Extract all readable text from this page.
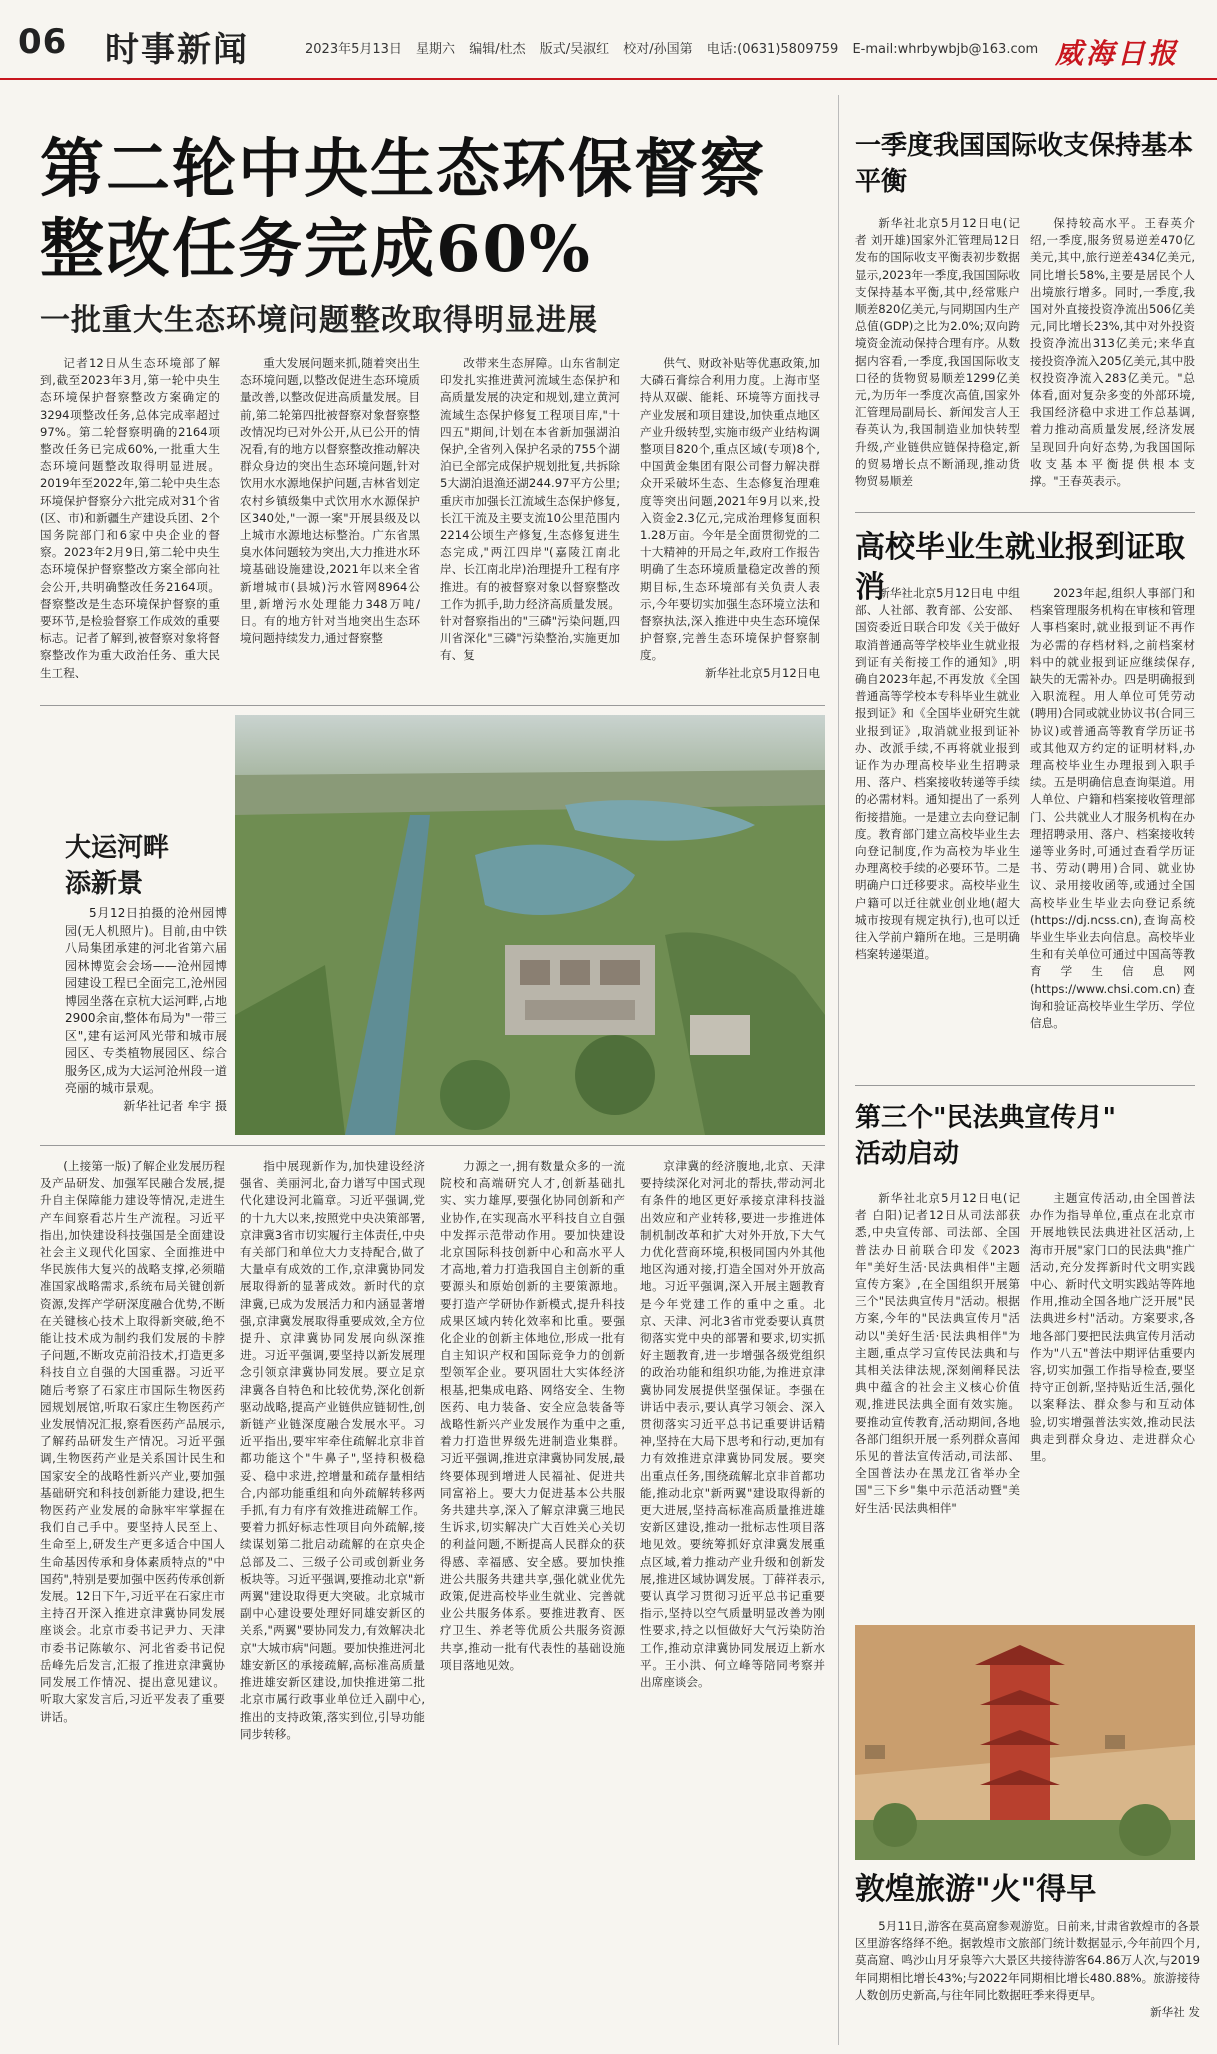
06 时事新闻	2023年5月13日 星期六 编辑/杜杰 版式/吴淑红 校对/孙国第 电话:(0631)5809759 E-mail:whrbywbjb@163.com 威海日报
第二轮中央生态环保督察整改任务完成60%
一批重大生态环境问题整改取得明显进展

记者12日从生态环境部了解到,截至2023年3月,第一轮中央生态环境保护督察整改方案确定的3294项整改任务,总体完成率超过97%。第二轮督察明确的2164项整改任务已完成60%,一批重大生态环境问题整改取得明显进展。2019年至2022年,第二轮中央生态环境保护督察分六批完成对31个省(区、市)和新疆生产建设兵团、2个国务院部门和6家中央企业的督察。2023年2月9日,第二轮中央生态环境保护督察整改方案全部向社会公开,共明确整改任务2164项。督察整改是生态环境保护督察的重要环节,是检验督察工作成效的重要标志。记者了解到,被督察对象将督察整改作为重大政治任务、重大民生工程、

重大发展问题来抓,随着突出生态环境问题,以整改促进生态环境质量改善,以整改促进高质量发展。目前,第二轮第四批被督察对象督察整改情况均已对外公开,从已公开的情况看,有的地方以督察整改推动解决群众身边的突出生态环境问题,针对饮用水水源地保护问题,吉林省划定农村乡镇级集中式饮用水水源保护区340处,"一源一案"开展县级及以上城市水源地达标整治。广东省黑臭水体问题较为突出,大力推进水环境基础设施建设,2021年以来全省新增城市(县城)污水管网8964公里,新增污水处理能力348万吨/日。有的地方针对当地突出生态环境问题持续发力,通过督察整

改带来生态屏障。山东省制定印发扎实推进黄河流域生态保护和高质量发展的决定和规划,建立黄河流域生态保护修复工程项目库,"十四五"期间,计划在本省新加强湖泊保护,全省列入保护名录的755个湖泊已全部完成保护规划批复,共拆除5大湖泊退渔还湖244.97平方公里;重庆市加强长江流域生态保护修复,长江干流及主要支流10公里范围内2214公顷生产修复,生态修复进生态完成,"两江四岸"(嘉陵江南北岸、长江南北岸)治理提升工程有序推进。有的被督察对象以督察整改工作为抓手,助力经济高质量发展。针对督察指出的"三磷"污染问题,四川省深化"三磷"污染整治,实施更加有、复

供气、财政补贴等优惠政策,加大磷石膏综合利用力度。上海市坚持从双碳、能耗、环境等方面找寻产业发展和项目建设,加快重点地区产业升级转型,实施市级产业结构调整项目820个,重点区域(专项)8个,中国黄金集团有限公司督力解决群众开采破坏生态、生态修复治理难度等突出问题,2021年9月以来,投入资金2.3亿元,完成治理修复面积1.28万亩。今年是全面贯彻党的二十大精神的开局之年,政府工作报告明确了生态环境质量稳定改善的预期目标,生态环境部有关负责人表示,今年要切实加强生态环境立法和督察执法,深入推进中央生态环境保护督察,完善生态环境保护督察制度。

新华社北京5月12日电

一季度我国国际收支保持基本平衡

新华社北京5月12日电(记者 刘开雄)国家外汇管理局12日发布的国际收支平衡表初步数据显示,2023年一季度,我国国际收支保持基本平衡,其中,经常账户顺差820亿美元,与同期国内生产总值(GDP)之比为2.0%;双向跨境资金流动保持合理有序。从数据内容看,一季度,我国国际收支口径的货物贸易顺差1299亿美元,为历年一季度次高值,国家外汇管理局副局长、新闻发言人王春英认为,我国制造业加快转型升级,产业链供应链保持稳定,新的贸易增长点不断涌现,推动货物贸易顺差

保持较高水平。王春英介绍,一季度,服务贸易逆差470亿美元,其中,旅行逆差434亿美元,同比增长58%,主要是居民个人出境旅行增多。同时,一季度,我国对外直接投资净流出506亿美元,同比增长23%,其中对外投资投资净流出313亿美元;来华直接投资净流入205亿美元,其中股权投资净流入283亿美元。"总体看,面对复杂多变的外部环境,我国经济稳中求进工作总基调,着力推动高质量发展,经济发展呈现回升向好态势,为我国国际收支基本平衡提供根本支撑。"王春英表示。

高校毕业生就业报到证取消

新华社北京5月12日电 中组部、人社部、教育部、公安部、国资委近日联合印发《关于做好取消普通高等学校毕业生就业报到证有关衔接工作的通知》,明确自2023年起,不再发放《全国普通高等学校本专科毕业生就业报到证》和《全国毕业研究生就业报到证》,取消就业报到证补办、改派手续,不再将就业报到证作为办理高校毕业生招聘录用、落户、档案接收转递等手续的必需材料。通知提出了一系列衔接措施。一是建立去向登记制度。教育部门建立高校毕业生去向登记制度,作为高校为毕业生办理离校手续的必要环节。二是明确户口迁移要求。高校毕业生户籍可以迁往就业创业地(超大城市按现有规定执行),也可以迁往入学前户籍所在地。三是明确档案转递渠道。

2023年起,组织人事部门和档案管理服务机构在审核和管理人事档案时,就业报到证不再作为必需的存档材料,之前档案材料中的就业报到证应继续保存,缺失的无需补办。四是明确报到入职流程。用人单位可凭劳动(聘用)合同或就业协议书(合同三协议)或普通高等教育学历证书或其他双方约定的证明材料,办理高校毕业生办理报到入职手续。五是明确信息查询渠道。用人单位、户籍和档案接收管理部门、公共就业人才服务机构在办理招聘录用、落户、档案接收转递等业务时,可通过查看学历证书、劳动(聘用)合同、就业协议、录用接收函等,或通过全国高校毕业生毕业去向登记系统(https://dj.ncss.cn),查询高校毕业生毕业去向信息。高校毕业生和有关单位可通过中国高等教育学生信息网(https://www.chsi.com.cn)查询和验证高校毕业生学历、学位信息。

大运河畔
添新景

5月12日拍摄的沧州园博园(无人机照片)。目前,由中铁八局集团承建的河北省第六届园林博览会会场——沧州园博园建设工程已全面完工,沧州园博园坐落在京杭大运河畔,占地2900余亩,整体布局为"一带三区",建有运河风光带和城市展园区、专类植物展园区、综合服务区,成为大运河沧州段一道亮丽的城市景观。

新华社记者 牟宇 摄

(上接第一版)了解企业发展历程及产品研发、加强军民融合发展,提升自主保障能力建设等情况,走进生产车间察看芯片生产流程。习近平指出,加快建设科技强国是全面建设社会主义现代化国家、全面推进中华民族伟大复兴的战略支撑,必须瞄准国家战略需求,系统布局关键创新资源,发挥产学研深度融合优势,不断在关键核心技术上取得新突破,绝不能让技术成为制约我们发展的卡脖子问题,不断攻克前沿技术,打造更多科技自立自强的大国重器。习近平随后考察了石家庄市国际生物医药园规划展馆,听取石家庄生物医药产业发展情况汇报,察看医药产品展示,了解药品研发生产情况。习近平强调,生物医药产业是关系国计民生和国家安全的战略性新兴产业,要加强基础研究和科技创新能力建设,把生物医药产业发展的命脉牢牢掌握在我们自己手中。要坚持人民至上、生命至上,研发生产更多适合中国人生命基因传承和身体素质特点的"中国药",特别是要加强中医药传承创新发展。12日下午,习近平在石家庄市主持召开深入推进京津冀协同发展座谈会。北京市委书记尹力、天津市委书记陈敏尔、河北省委书记倪岳峰先后发言,汇报了推进京津冀协同发展工作情况、提出意见建议。听取大家发言后,习近平发表了重要讲话。

指中展现新作为,加快建设经济强省、美丽河北,奋力谱写中国式现代化建设河北篇章。习近平强调,党的十九大以来,按照党中央决策部署,京津冀3省市切实履行主体责任,中央有关部门和单位大力支持配合,做了大量卓有成效的工作,京津冀协同发展取得新的显著成效。新时代的京津冀,已成为发展活力和内涵显著增强,京津冀发展取得重要成效,全方位提升、京津冀协同发展向纵深推进。习近平强调,要坚持以新发展理念引领京津冀协同发展。要立足京津冀各自特色和比较优势,深化创新驱动战略,提高产业链供应链韧性,创新链产业链深度融合发展水平。习近平指出,要牢牢牵住疏解北京非首都功能这个"牛鼻子",坚持积极稳妥、稳中求进,控增量和疏存量相结合,内部功能重组和向外疏解转移两手抓,有力有序有效推进疏解工作。要着力抓好标志性项目向外疏解,接续谋划第二批启动疏解的在京央企总部及二、三级子公司或创新业务板块等。习近平强调,要推动北京"新两翼"建设取得更大突破。北京城市副中心建设要处理好同雄安新区的关系,"两翼"要协同发力,有效解决北京"大城市病"问题。要加快推进河北雄安新区的承接疏解,高标准高质量推进雄安新区建设,加快推进第二批北京市属行政事业单位迁入副中心,推出的支持政策,落实到位,引导功能同步转移。

力源之一,拥有数量众多的一流院校和高端研究人才,创新基础扎实、实力雄厚,要强化协同创新和产业协作,在实现高水平科技自立自强中发挥示范带动作用。要加快建设北京国际科技创新中心和高水平人才高地,着力打造我国自主创新的重要源头和原始创新的主要策源地。要打造产学研协作新模式,提升科技成果区域内转化效率和比重。要强化企业的创新主体地位,形成一批有自主知识产权和国际竞争力的创新型领军企业。要巩固壮大实体经济根基,把集成电路、网络安全、生物医药、电力装备、安全应急装备等战略性新兴产业发展作为重中之重,着力打造世界级先进制造业集群。习近平强调,推进京津冀协同发展,最终要体现到增进人民福祉、促进共同富裕上。要大力促进基本公共服务共建共享,深入了解京津冀三地民生诉求,切实解决广大百姓关心关切的利益问题,不断提高人民群众的获得感、幸福感、安全感。要加快推进公共服务共建共享,强化就业优先政策,促进高校毕业生就业、完善就业公共服务体系。要推进教育、医疗卫生、养老等优质公共服务资源共享,推动一批有代表性的基础设施项目落地见效。

京津冀的经济腹地,北京、天津要持续深化对河北的帮扶,带动河北有条件的地区更好承接京津科技溢出效应和产业转移,要进一步推进体制机制改革和扩大对外开放,下大气力优化营商环境,积极同国内外其他地区沟通对接,打造全国对外开放高地。习近平强调,深入开展主题教育是今年党建工作的重中之重。北京、天津、河北3省市党委要认真贯彻落实党中央的部署和要求,切实抓好主题教育,进一步增强各级党组织的政治功能和组织功能,为推进京津冀协同发展提供坚强保证。李强在讲话中表示,要认真学习领会、深入贯彻落实习近平总书记重要讲话精神,坚持在大局下思考和行动,更加有力有效推进京津冀协同发展。要突出重点任务,围绕疏解北京非首都功能,推动北京"新两翼"建设取得新的更大进展,坚持高标准高质量推进雄安新区建设,推动一批标志性项目落地见效。要统筹抓好京津冀发展重点区域,着力推动产业升级和创新发展,推进区域协调发展。丁薛祥表示,要认真学习贯彻习近平总书记重要指示,坚持以空气质量明显改善为刚性要求,持之以恒做好大气污染防治工作,推动京津冀协同发展迈上新水平。王小洪、何立峰等陪同考察并出席座谈会。

第三个"民法典宣传月"
活动启动

新华社北京5月12日电(记者 白阳)记者12日从司法部获悉,中央宣传部、司法部、全国普法办日前联合印发《2023年"美好生活·民法典相伴"主题宣传方案》,在全国组织开展第三个"民法典宣传月"活动。根据方案,今年的"民法典宣传月"活动以"美好生活·民法典相伴"为主题,重点学习宣传民法典和与其相关法律法规,深刻阐释民法典中蕴含的社会主义核心价值观,推进民法典全面有效实施。要推动宣传教育,活动期间,各地各部门组织开展一系列群众喜闻乐见的普法宣传活动,司法部、全国普法办在黑龙江省举办全国"三下乡"集中示范活动暨"美好生活·民法典相伴"

主题宣传活动,由全国普法办作为指导单位,重点在北京市开展地铁民法典进社区活动,上海市开展"家门口的民法典"推广活动,充分发挥新时代文明实践中心、新时代文明实践站等阵地作用,推动全国各地广泛开展"民法典进乡村"活动。方案要求,各地各部门要把民法典宣传月活动作为"八五"普法中期评估重要内容,切实加强工作指导检查,要坚持守正创新,坚持贴近生活,强化以案释法、群众参与和互动体验,切实增强普法实效,推动民法典走到群众身边、走进群众心里。

敦煌旅游"火"得早

5月11日,游客在莫高窟参观游览。日前来,甘肃省敦煌市的各景区里游客络绎不绝。据敦煌市文旅部门统计数据显示,今年前四个月,莫高窟、鸣沙山月牙泉等六大景区共接待游客64.86万人次,与2019年同期相比增长43%;与2022年同期相比增长480.88%。旅游接待人数创历史新高,与往年同比数据旺季来得更早。

新华社 发
